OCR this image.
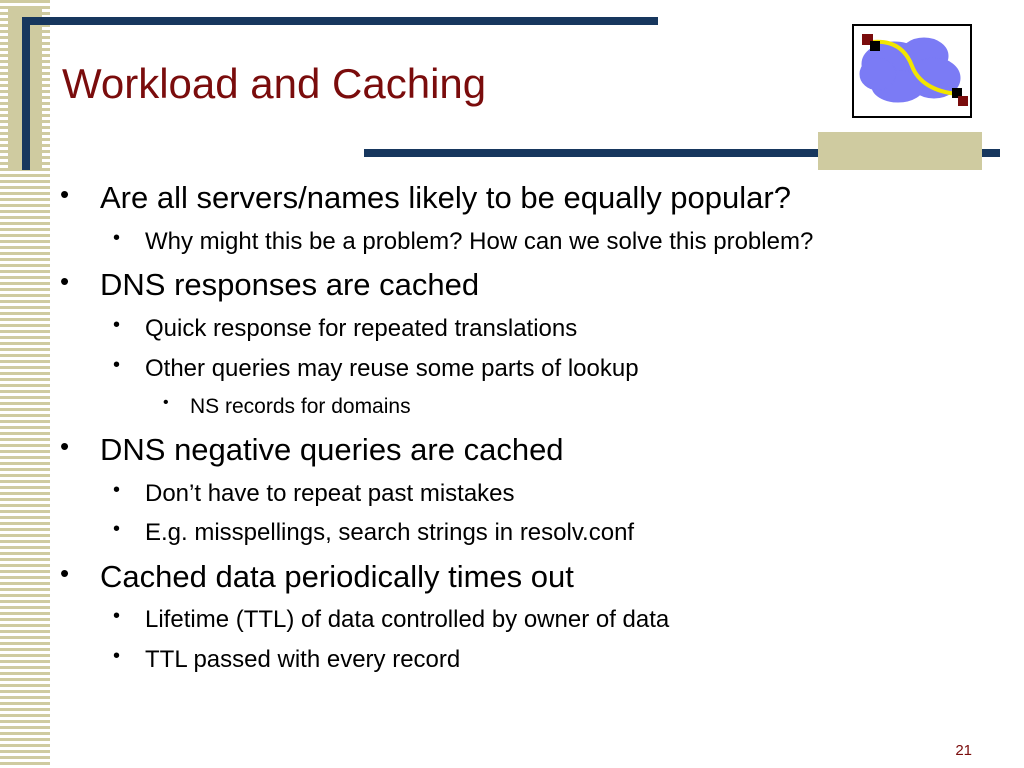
Workload and Caching
• Are all servers/names likely to be equally popular?
• Why might this be a problem? How can we solve this problem?
• DNS responses are cached
• Quick response for repeated translations
• Other queries may reuse some parts of lookup
• NS records for domains
• DNS negative queries are cached
• Don’t have to repeat past mistakes
• E.g. misspellings, search strings in resolv.conf
• Cached data periodically times out
• Lifetime (TTL) of data controlled by owner of data
• TTL passed with every record
21
